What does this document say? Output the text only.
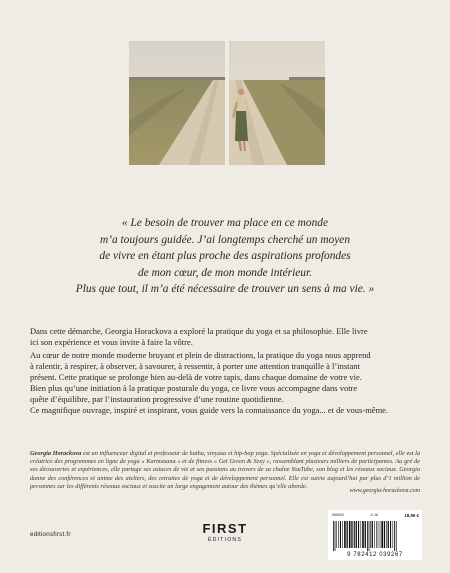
« Le besoin de trouver ma place en ce monde

m’a toujours guidée. J’ai longtemps cherché un moyen

de vivre en étant plus proche des aspirations profondes

de mon cœur, de mon monde intérieur.

Plus que tout, il m’a été nécessaire de trouver un sens à ma vie. »

Dans cette démarche, Georgia Horackova a exploré la pratique du yoga et sa philosophie. Elle livre

ici son expérience et vous invite à faire la vôtre.

Au cœur de notre monde moderne bruyant et plein de distractions, la pratique du yoga nous apprend

à ralentir, à respirer, à observer, à savourer, à ressentir, à porter une attention tranquille à l’instant

présent. Cette pratique se prolonge bien au-delà de votre tapis, dans chaque domaine de votre vie.

Bien plus qu’une initiation à la pratique posturale du yoga, ce livre vous accompagne dans votre

quête d’équilibre, par l’instauration progressive d’une routine quotidienne.

Ce magnifique ouvrage, inspiré et inspirant, vous guide vers la connaissance du yoga... et de vous-même.

Georgia Horackova est un influenceur digital et professeur de hatha, vinyasa et hip-hop yoga. Spécialisée en yoga et développement personnel, elle est la créatrice des programmes en ligne de yoga « Karmasana » et de fitness « Get Green & Sexy », rassemblant plusieurs milliers de participantes. Au gré de ses découvertes et expériences, elle partage ses astuces de vie et ses passions au travers de sa chaîne YouTube, son blog et les réseaux sociaux. Georgia donne des conférences et anime des ateliers, des retraites de yoga et de développement personnel. Elle est suivie aujourd’hui par plus d’1 million de personnes sur les différents réseaux sociaux et suscite un large engagement autour des thèmes qu’elle aborde.

www.georgia-horackova.com
editionsfirst.fr	FIRST
ÉDITIONS
059002	X-18	18,95 €
9 782412 039267
